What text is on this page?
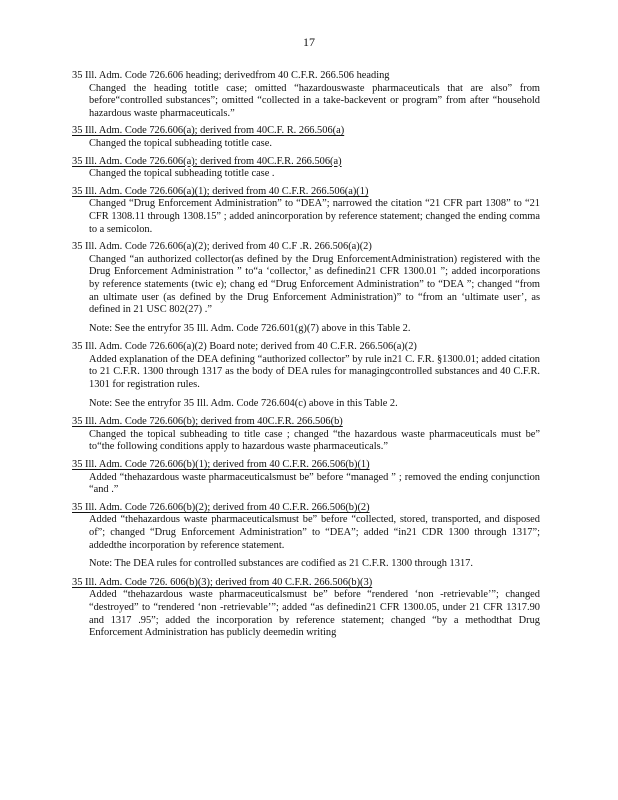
17
35 Ill. Adm. Code 726.606 heading; derivedfrom 40 C.F.R. 266.506 heading
Changed the heading totitle case; omitted “hazardouswaste pharmaceuticals that are also” from before“controlled substances”; omitted “collected in a take-backevent or program” from after “household hazardous waste pharmaceuticals.”
35 Ill. Adm. Code 726.606(a); derived from 40C.F. R. 266.506(a)
Changed the topical subheading totitle case.
35 Ill. Adm. Code 726.606(a); derived from 40C.F.R. 266.506(a)
Changed the topical subheading totitle case .
35 Ill. Adm. Code 726.606(a)(1); derived from 40 C.F.R. 266.506(a)(1)
Changed “Drug Enforcement Administration” to “DEA”; narrowed the citation “21 CFR part 1308” to “21 CFR 1308.11 through 1308.15” ; added anincorporation by reference statement; changed the ending comma to a semicolon.
35 Ill. Adm. Code 726.606(a)(2); derived from 40 C.F .R. 266.506(a)(2)
Changed “an authorized collector(as defined by the Drug EnforcementAdministration) registered with the Drug Enforcement Administration ” to“a ‘collector,’ as definedin21 CFR 1300.01 ”; added incorporations by reference statements (twic e); chang ed “Drug Enforcement Administration” to “DEA ”; changed “from an ultimate user (as defined by the Drug Enforcement Administration)” to “from an ‘ultimate user’, as defined in 21 USC 802(27) .”
Note: See the entryfor 35 Ill. Adm. Code 726.601(g)(7) above in this Table 2.
35 Ill. Adm. Code 726.606(a)(2) Board note; derived from 40 C.F.R. 266.506(a)(2)
Added explanation of the DEA defining “authorized collector” by rule in21 C. F.R. §1300.01; added citation to 21 C.F.R. 1300 through 1317 as the body of DEA rules for managingcontrolled substances and 40 C.F.R. 1301 for registration rules.
Note: See the entryfor 35 Ill. Adm. Code 726.604(c) above in this Table 2.
35 Ill. Adm. Code 726.606(b); derived from 40C.F.R. 266.506(b)
Changed the topical subheading to title case ; changed “the hazardous waste pharmaceuticals must be” to“the following conditions apply to hazardous waste pharmaceuticals.”
35 Ill. Adm. Code 726.606(b)(1); derived from 40 C.F.R. 266.506(b)(1)
Added “thehazardous waste pharmaceuticalsmust be” before “managed ” ; removed the ending conjunction “and .”
35 Ill. Adm. Code 726.606(b)(2); derived from 40 C.F.R. 266.506(b)(2)
Added “thehazardous waste pharmaceuticalsmust be” before “collected, stored, transported, and disposed of”; changed “Drug Enforcement Administration” to “DEA”; added “in21 CDR 1300 through 1317”; addedthe incorporation by reference statement.
Note: The DEA rules for controlled substances are codified as 21 C.F.R. 1300 through 1317.
35 Ill. Adm. Code 726. 606(b)(3); derived from 40 C.F.R. 266.506(b)(3)
Added “thehazardous waste pharmaceuticalsmust be” before “rendered ‘non -retrievable’”; changed “destroyed” to “rendered ‘non -retrievable’”; added “as definedin21 CFR 1300.05, under 21 CFR 1317.90 and 1317 .95”; added the incorporation by reference statement; changed “by a methodthat Drug Enforcement Administration has publicly deemedin writing
